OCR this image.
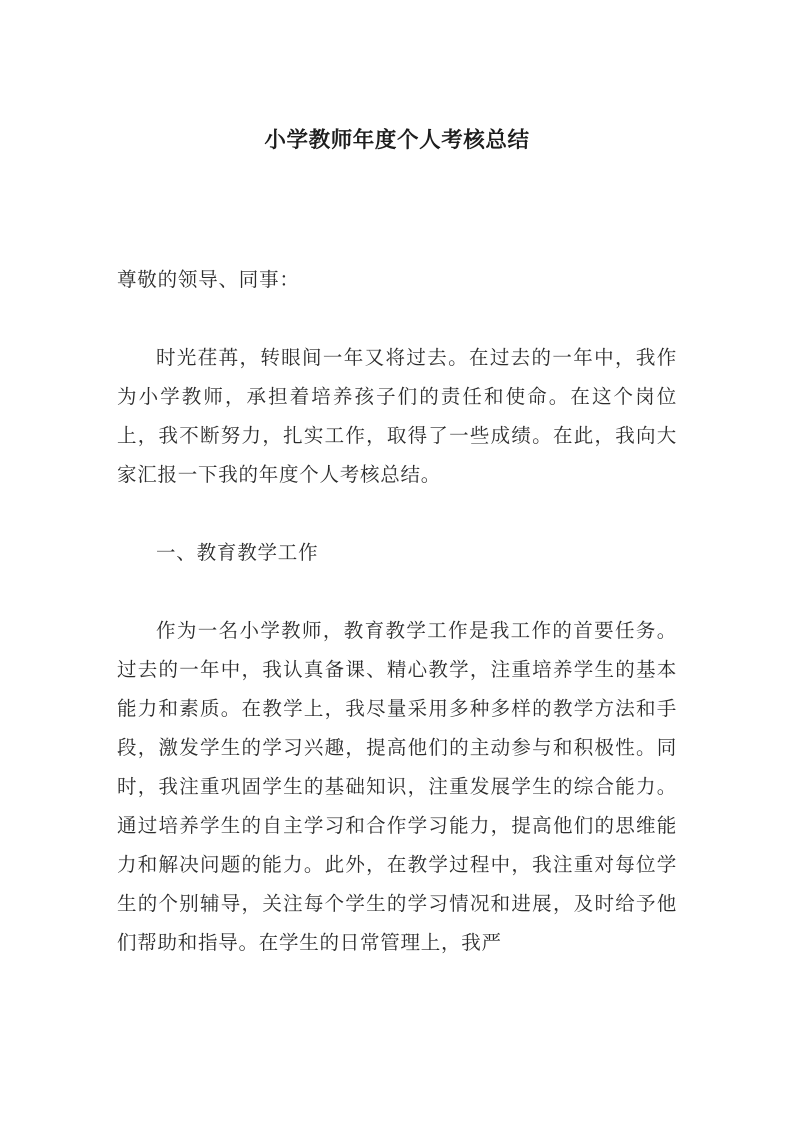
小学教师年度个人考核总结

尊敬的领导、同事：

时光荏苒，转眼间一年又将过去。在过去的一年中，我作为小学教师，承担着培养孩子们的责任和使命。在这个岗位上，我不断努力，扎实工作，取得了一些成绩。在此，我向大家汇报一下我的年度个人考核总结。

一、教育教学工作

作为一名小学教师，教育教学工作是我工作的首要任务。过去的一年中，我认真备课、精心教学，注重培养学生的基本能力和素质。在教学上，我尽量采用多种多样的教学方法和手段，激发学生的学习兴趣，提高他们的主动参与和积极性。同时，我注重巩固学生的基础知识，注重发展学生的综合能力。通过培养学生的自主学习和合作学习能力，提高他们的思维能力和解决问题的能力。此外，在教学过程中，我注重对每位学生的个别辅导，关注每个学生的学习情况和进展，及时给予他们帮助和指导。在学生的日常管理上，我严
